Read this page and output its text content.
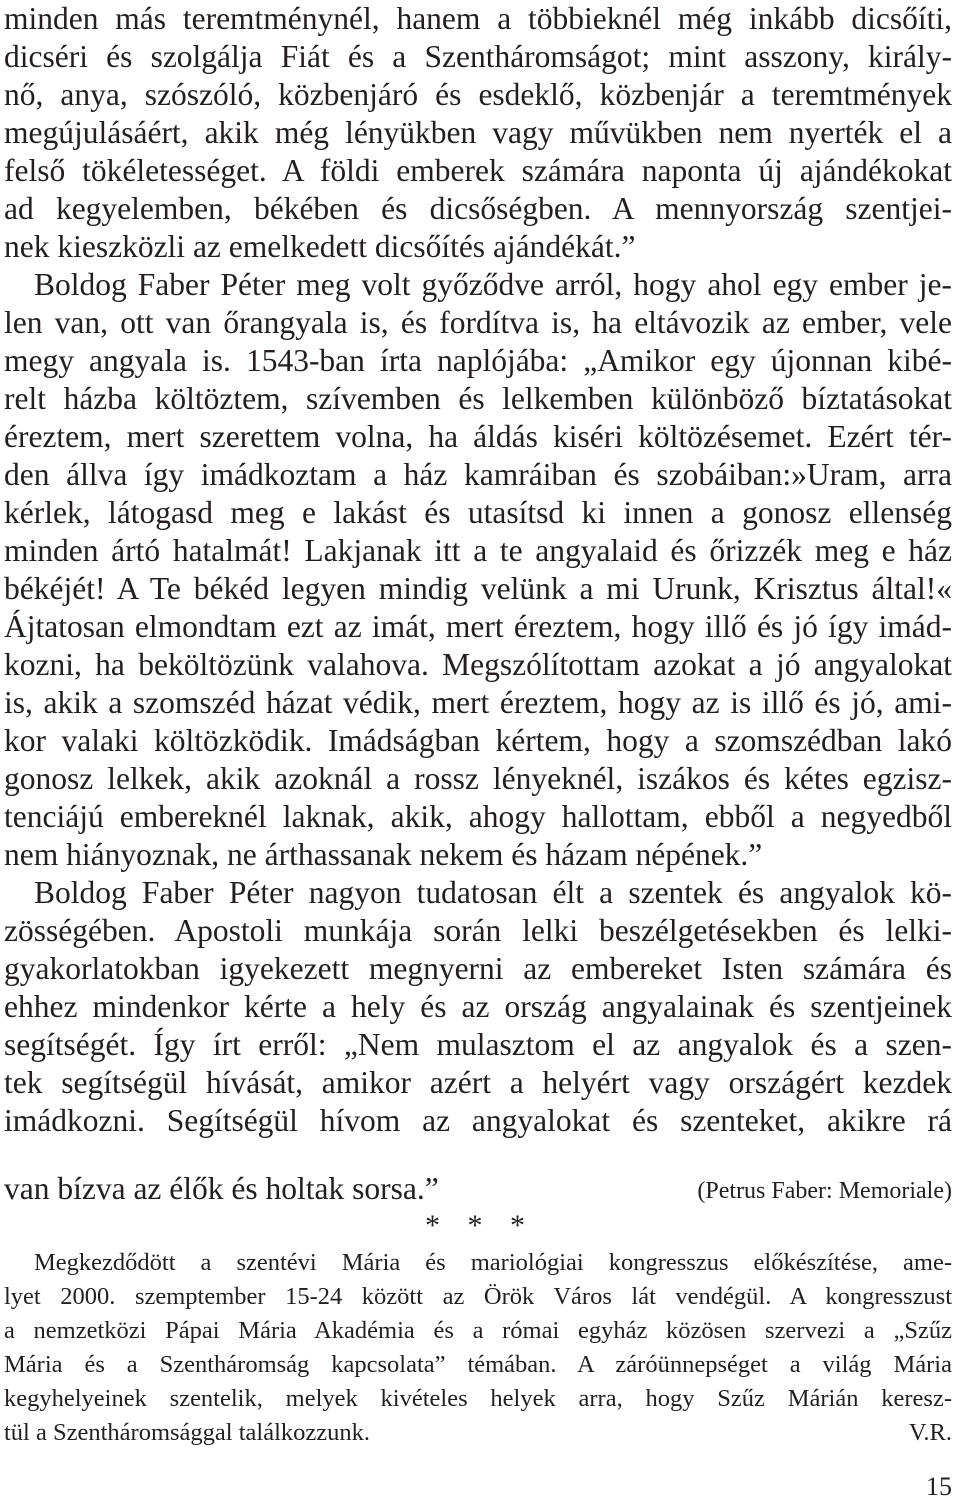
minden más teremtménynél, hanem a többieknél még inkább dicsőíti,
dicséri és szolgálja Fiát és a Szentháromságot; mint asszony, király-
nő, anya, szószóló, közbenjáró és esdeklő, közbenjár a teremtmények
megújulásáért, akik még lényükben vagy művükben nem nyerték el a
felső tökéletességet. A földi emberek számára naponta új ajándékokat
ad kegyelemben, békében és dicsőségben. A mennyország szentjei-
nek kieszközli az emelkedett dicsőítés ajándékát.”
Boldog Faber Péter meg volt győződve arról, hogy ahol egy ember je-
len van, ott van őrangyala is, és fordítva is, ha eltávozik az ember, vele
megy angyala is. 1543-ban írta naplójába: „Amikor egy újonnan kibé-
relt házba költöztem, szívemben és lelkemben különböző bíztatásokat
éreztem, mert szerettem volna, ha áldás kiséri költözésemet. Ezért tér-
den állva így imádkoztam a ház kamráiban és szobáiban:»Uram, arra
kérlek, látogasd meg e lakást és utasítsd ki innen a gonosz ellenség
minden ártó hatalmát! Lakjanak itt a te angyalaid és őrizzék meg e ház
békéjét! A Te békéd legyen mindig velünk a mi Urunk, Krisztus által!«
Ájtatosan elmondtam ezt az imát, mert éreztem, hogy illő és jó így imád-
kozni, ha beköltözünk valahova. Megszólítottam azokat a jó angyalokat
is, akik a szomszéd házat védik, mert éreztem, hogy az is illő és jó, ami-
kor valaki költözködik. Imádságban kértem, hogy a szomszédban lakó
gonosz lelkek, akik azoknál a rossz lényeknél, iszákos és kétes egzisz-
tenciájú embereknél laknak, akik, ahogy hallottam, ebből a negyedből
nem hiányoznak, ne árthassanak nekem és házam népének.”
Boldog Faber Péter nagyon tudatosan élt a szentek és angyalok kö-
zösségében. Apostoli munkája során lelki beszélgetésekben és lelki-
gyakorlatokban igyekezett megnyerni az embereket Isten számára és
ehhez mindenkor kérte a hely és az ország angyalainak és szentjeinek
segítségét. Így írt erről: „Nem mulasztom el az angyalok és a szen-
tek segítségül hívását, amikor azért a helyért vagy országért kezdek
imádkozni. Segítségül hívom az angyalokat és szenteket, akikre rá
van bízva az élők és holtak sorsa.”	(Petrus Faber: Memoriale)
* * *
Megkezdődött a szentévi Mária és mariológiai kongresszus előkészítése, ame-
lyet 2000. szemptember 15-24 között az Örök Város lát vendégül. A kongresszust
a nemzetközi Pápai Mária Akadémia és a római egyház közösen szervezi a „Szűz
Mária és a Szentháromság kapcsolata” témában. A záróünnepséget a világ Mária
kegyhelyeinek szentelik, melyek kivételes helyek arra, hogy Szűz Márián keresz-
tül a Szentháromsággal találkozzunk.	V.R.
15
